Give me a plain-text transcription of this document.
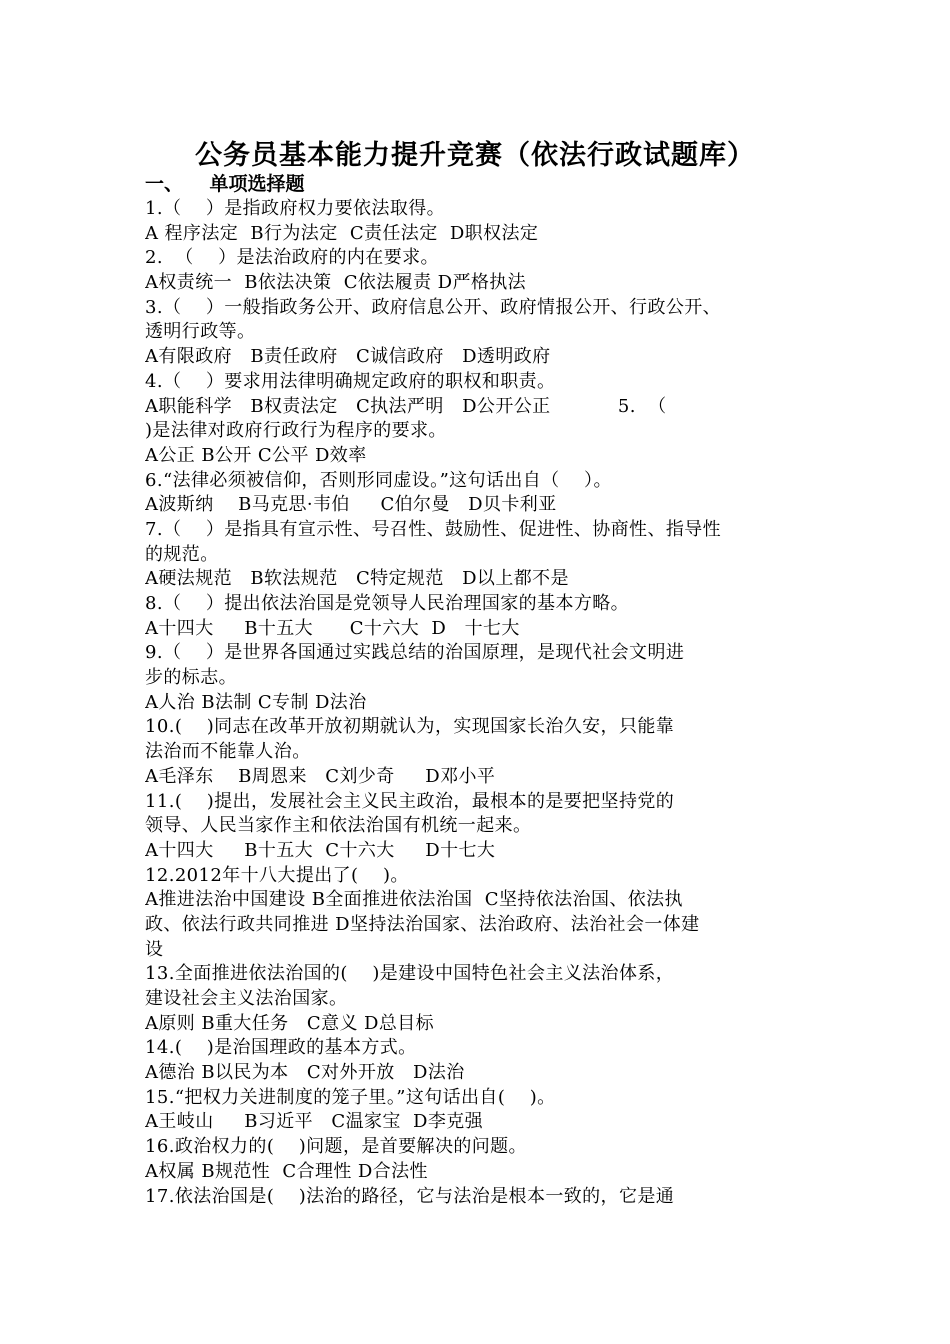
公务员基本能力提升竞赛（依法行政试题库）
一、    单项选择题
1.（    ）是指政府权力要依法取得。
A 程序法定  B行为法定  C责任法定  D职权法定
2.  （    ）是法治政府的内在要求。
A权责统一  B依法决策  C依法履责 D严格执法
3.（    ）一般指政务公开、政府信息公开、政府情报公开、行政公开、
透明行政等。
A有限政府   B责任政府   C诚信政府   D透明政府
4.（    ）要求用法律明确规定政府的职权和职责。
A职能科学   B权责法定   C执法严明   D公开公正           5.  （
)是法律对政府行政行为程序的要求。
A公正 B公开 C公平 D效率
6.“法律必须被信仰，否则形同虚设。”这句话出自（    ）。
A波斯纳    B马克思·韦伯     C伯尔曼   D贝卡利亚
7.（    ）是指具有宣示性、号召性、鼓励性、促进性、协商性、指导性
的规范。
A硬法规范   B软法规范   C特定规范   D以上都不是
8.（    ）提出依法治国是党领导人民治理国家的基本方略。
A十四大     B十五大      C十六大  D   十七大
9.（    ）是世界各国通过实践总结的治国原理，是现代社会文明进
步的标志。
A人治 B法制 C专制 D法治
10.(    )同志在改革开放初期就认为，实现国家长治久安，只能靠
法治而不能靠人治。
A毛泽东    B周恩来   C刘少奇     D邓小平
11.(    )提出，发展社会主义民主政治，最根本的是要把坚持党的
领导、人民当家作主和依法治国有机统一起来。
A十四大     B十五大  C十六大     D十七大
12.2012年十八大提出了(    )。
A推进法治中国建设 B全面推进依法治国  C坚持依法治国、依法执
政、依法行政共同推进 D坚持法治国家、法治政府、法治社会一体建
设
13.全面推进依法治国的(    )是建设中国特色社会主义法治体系，
建设社会主义法治国家。
A原则 B重大任务   C意义 D总目标
14.(    )是治国理政的基本方式。
A德治 B以民为本   C对外开放   D法治
15.“把权力关进制度的笼子里。”这句话出自(    )。
A王岐山     B习近平   C温家宝  D李克强
16.政治权力的(    )问题，是首要解决的问题。
A权属 B规范性  C合理性 D合法性
17.依法治国是(    )法治的路径，它与法治是根本一致的，它是通
